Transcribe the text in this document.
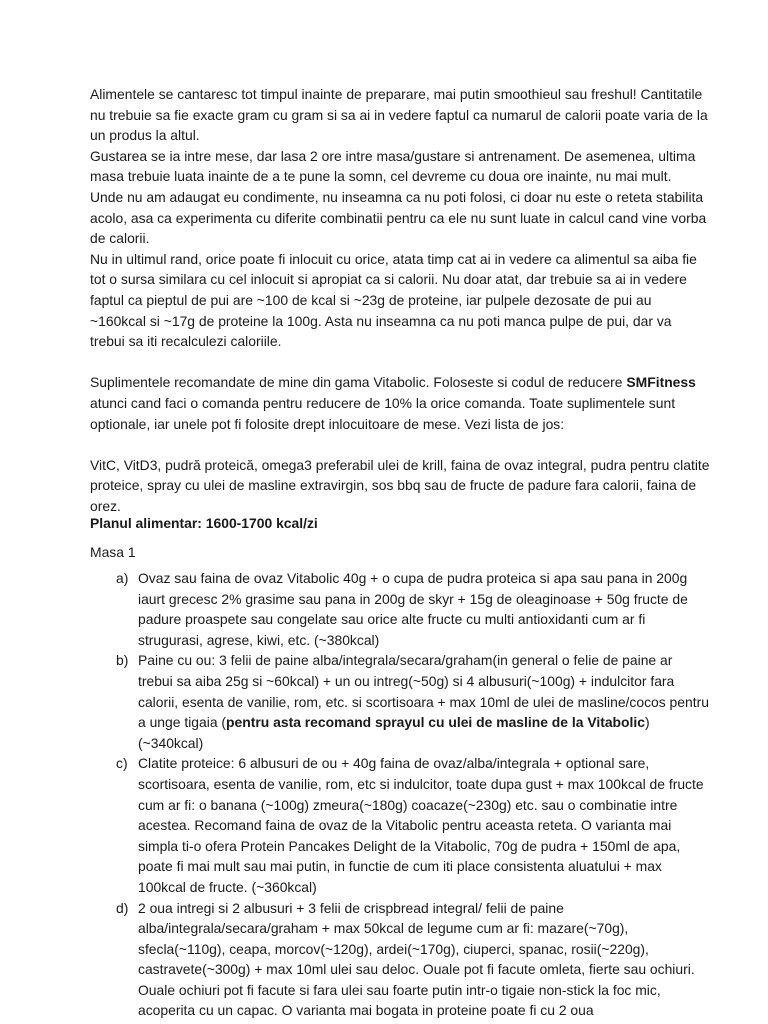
Alimentele se cantaresc tot timpul inainte de preparare, mai putin smoothieul sau freshul! Cantitatile nu trebuie sa fie exacte gram cu gram si sa ai in vedere faptul ca numarul de calorii poate varia de la un produs la altul.

Gustarea se ia intre mese, dar lasa 2 ore intre masa/gustare si antrenament. De asemenea, ultima masa trebuie luata inainte de a te pune la somn, cel devreme cu doua ore inainte, nu mai mult.

Unde nu am adaugat eu condimente, nu inseamna ca nu poti folosi, ci doar nu este o reteta stabilita acolo, asa ca experimenta cu diferite combinatii pentru ca ele nu sunt luate in calcul cand vine vorba de calorii.

Nu in ultimul rand, orice poate fi inlocuit cu orice, atata timp cat ai in vedere ca alimentul sa aiba fie tot o sursa similara cu cel inlocuit si apropiat ca si calorii. Nu doar atat, dar trebuie sa ai in vedere faptul ca pieptul de pui are ~100 de kcal si ~23g de proteine, iar pulpele dezosate de pui au ~160kcal si ~17g de proteine la 100g. Asta nu inseamna ca nu poti manca pulpe de pui, dar va trebui sa iti recalculezi caloriile.

Suplimentele recomandate de mine din gama Vitabolic. Foloseste si codul de reducere SMFitness atunci cand faci o comanda pentru reducere de 10% la orice comanda. Toate suplimentele sunt optionale, iar unele pot fi folosite drept inlocuitoare de mese. Vezi lista de jos:

VitC, VitD3, pudră proteică, omega3 preferabil ulei de krill, faina de ovaz integral, pudra pentru clatite proteice, spray cu ulei de masline extravirgin, sos bbq sau de fructe de padure fara calorii, faina de orez.

Planul alimentar: 1600-1700 kcal/zi
Masa 1
a) Ovaz sau faina de ovaz Vitabolic 40g + o cupa de pudra proteica si apa sau pana in 200g iaurt grecesc 2% grasime sau pana in 200g de skyr + 15g de oleaginoase + 50g fructe de padure proaspete sau congelate sau orice alte fructe cu multi antioxidanti cum ar fi strugurasi, agrese, kiwi, etc. (~380kcal)
b) Paine cu ou: 3 felii de paine alba/integrala/secara/graham(in general o felie de paine ar trebui sa aiba 25g si ~60kcal) + un ou intreg(~50g) si 4 albusuri(~100g) + indulcitor fara calorii, esenta de vanilie, rom, etc. si scortisoara + max 10ml de ulei de masline/cocos pentru a unge tigaia (pentru asta recomand sprayul cu ulei de masline de la Vitabolic) (~340kcal)
c) Clatite proteice: 6 albusuri de ou + 40g faina de ovaz/alba/integrala + optional sare, scortisoara, esenta de vanilie, rom, etc si indulcitor, toate dupa gust + max 100kcal de fructe cum ar fi: o banana (~100g) zmeura(~180g) coacaze(~230g) etc. sau o combinatie intre acestea. Recomand faina de ovaz de la Vitabolic pentru aceasta reteta. O varianta mai simpla ti-o ofera Protein Pancakes Delight de la Vitabolic, 70g de pudra + 150ml de apa, poate fi mai mult sau mai putin, in functie de cum iti place consistenta aluatului + max 100kcal de fructe. (~360kcal)
d) 2 oua intregi si 2 albusuri + 3 felii de crispbread integral/ felii de paine alba/integrala/secara/graham + max 50kcal de legume cum ar fi: mazare(~70g), sfecla(~110g), ceapa, morcov(~120g), ardei(~170g), ciuperci, spanac, rosii(~220g), castravete(~300g) + max 10ml ulei sau deloc. Ouale pot fi facute omleta, fierte sau ochiuri. Ouale ochiuri pot fi facute si fara ulei sau foarte putin intr-o tigaie non-stick la foc mic, acoperita cu un capac. O varianta mai bogata in proteine poate fi cu 2 oua
